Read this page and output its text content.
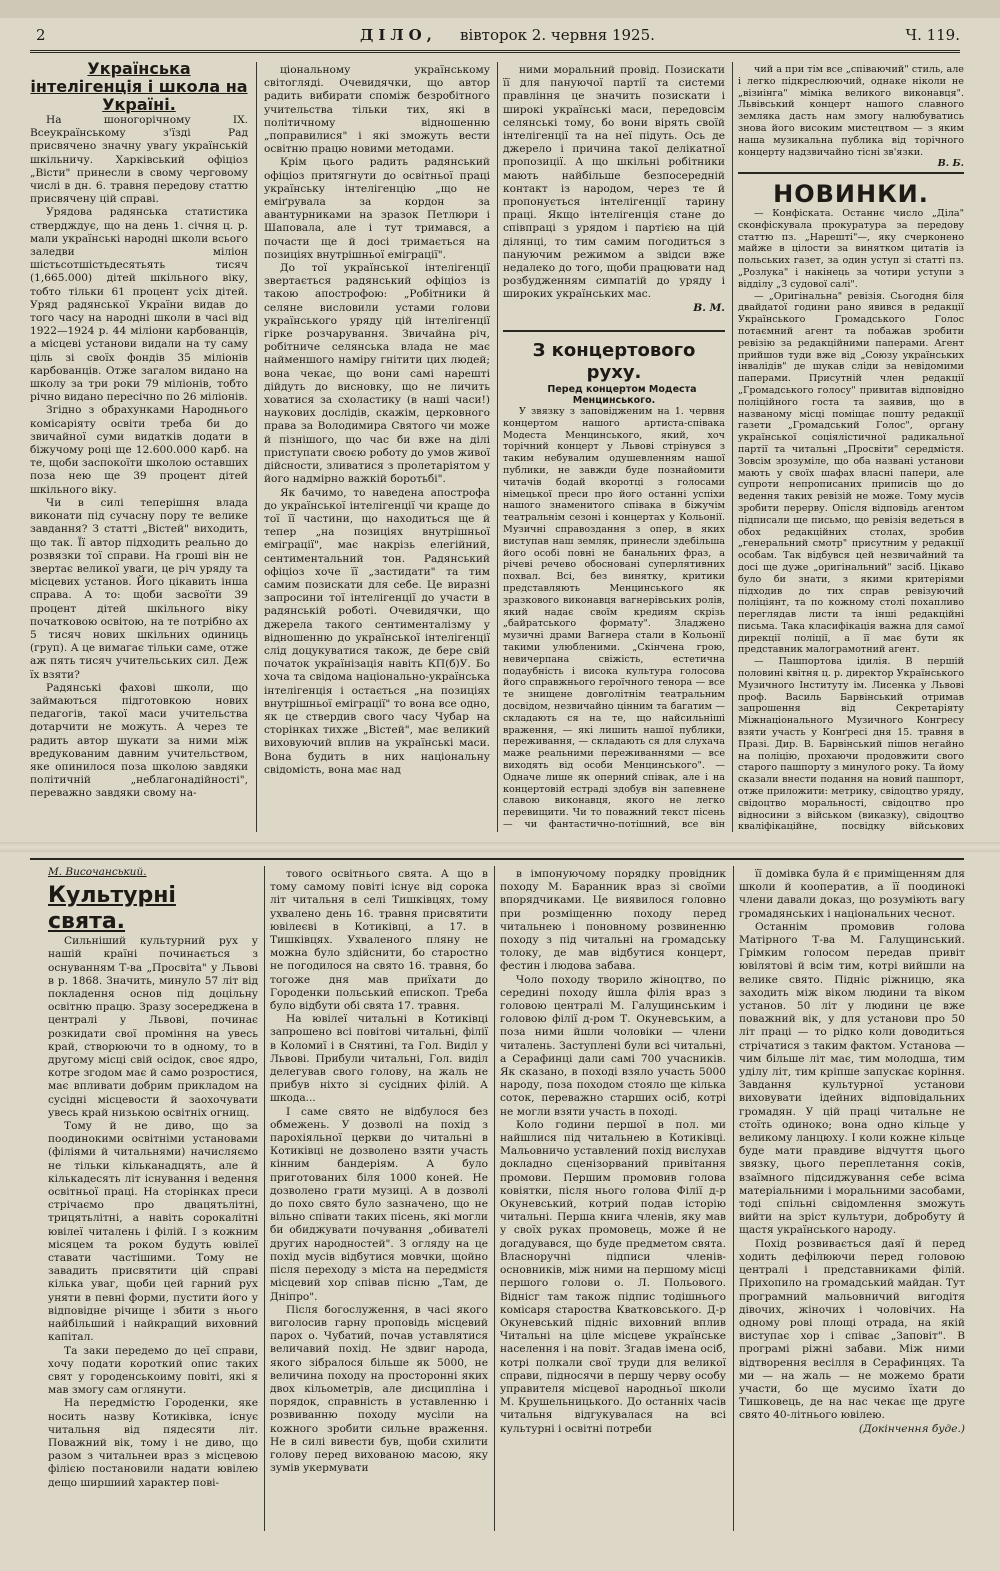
2	ДІЛО, вівторок 2. червня 1925.	Ч. 119.

Українська інтелігенція і школа на Україні.

На шоногорічному IX. Всеукраїнському з'їзді Рад присвячено значну увагу українській шкільничу. Харківський офіціоз „Вісти" принесли в свому черговому числі в дн. 6. травня передову статтю присвячену цій справі.

Урядова радянська статистика ствердждує, що на день 1. січня ц. р. мали українські народні школи всього заледви міліон шістьсотшістьдесятьять тисяч (1,665.000) дітей шкільного віку, тобто тільки 61 процент усіх дітей. Уряд радянської України видав до того часу на народні школи в часі від 1922—1924 р. 44 міліони карбованців, а місцеві установи видали на ту саму ціль зі своїх фондів 35 міліонів карбованців. Отже загалом видано на школу за три роки 79 міліонів, тобто річно видано пересічно по 26 міліонів.

Згідно з обрахунками Народнього комісаріяту освіти треба би до звичайної суми видатків додати в біжучому році ще 12.600.000 карб. на те, щоби заспокоїти школою оставших поза нею ще 39 процент дітей шкільного віку.

Чи в силі теперішня влада виконати під сучасну пору те велике завдання? З статті „Вістей" виходить, що так. Її автор підходить реально до розвязки тої справи. На гроші він не звертає великої уваги, це річ уряду та місцевих установ. Його цікавить інша справа. А то: щоби засвоїти 39 процент дітей шкільного віку початковою освітою, на те потрібно ах 5 тисяч нових шкільних одиниць (груп). А це вимагає тільки саме, отже аж пять тисяч учительських сил. Деж їх взяти?

Радянські фахові школи, що займаються підготовкою нових педагогів, такої маси учительства дотарчити не можуть. А через те радить автор шукати за ними між вредукованим давним учительством, яке опинилося поза школою завдяки політичній „неблагонадійності", переважно завдяки свому на-

ціональному українському світогляді. Очевидячки, що автор радить вибирати споміж безробітного учительства тільки тих, які в політичному відношенню „поправилися" і які зможуть вести освітню працю новими методами.

Крім цього радить радянський офіціоз притягнути до освітньої праці українську інтелігенцію „що не еміґрувала за кордон за авантурниками на зразок Петлюри і Шаповала, але і тут тримався, а почасти ще й досі тримається на позиціях внутрішньої еміграції".

До тої української інтелігенції звертається радянський офіціоз із такою апострофою: „Робітники й селяне висловили устами голови українського уряду цій інтелігенції гірке розчарування. Звичайна річ, робітниче селянська влада не має найменшого наміру гнітити цих людей; вона чекає, що вони самі нарешті дійдуть до висновку, що не личить ховатися за схоластику (в наші часи!) наукових дослідів, скажім, церковного права за Володимира Святого чи може й пізнішого, що час би вже на ділі приступати своєю роботу до умов живої дійсности, зливатися з пролетаріятом у його надмірно важкій боротьбі".

Як бачимо, то наведена апострофа до української інтелігенції чи краще до тої її частини, що находиться ще й тепер „на позиціях внутрішньої еміграції", має накрізь елегійний, сентиментальний тон. Радянський офіціоз хоче її „застидати" та тим самим позискати для себе. Це виразні запросини тої інтелігенції до участи в радянській роботі. Очевидячки, що джерела такого сентименталізму у відношенню до української інтелігенції слід доцукуватися також, де бере свій початок українізація навіть КП(б)У. Бо хоча та свідома національно-українська інтелігенція і остається „на позиціях внутрішньої еміграції" то вона все одно, як це ствердив свого часу Чубар на сторінках тихже „Вістей", має великий виховуючий вплив на українські маси. Вона будить в них національну свідомість, вона має над

ними моральний провід. Позискати її для пануючої партії та системи правління це значить позискати і широкі українські маси, передовсім селянські тому, бо вони вірять своїй інтелігенції та на неї підуть. Ось де джерело і причина такої делікатної пропозиції. А що шкільні робітники мають найбільше безпосередній контакт із народом, через те й пропонується інтелігенції тарину праці. Якщо інтелігенція стане до співпраці з урядом і партією на цій ділянці, то тим самим погодиться з пануючим режимом а звідси вже недалеко до того, щоби працювати над розбудженням симпатій до уряду і широких українських мас.

В. М.

З концертового руху.

Перед концертом Модеста Менцинського.

У звязку з заповідженим на 1. червня концертом нашого артиста-співака Модеста Менцинського, який, хоч торічний концерт у Львові стрінувся з таким небувалим одушевленням нашої публики, не завжди буде познайомити читачів бодай вкоротці з голосами німецької преси про його останні успіхи нашого знаменитого співака в біжучім театральнім сезоні і концертах у Кольонії. Музичні справоздання з опер, в яких виступав наш земляк, принесли здебільша його особі повні не банальних фраз, а річеві речево обосновані суперлятивних похвал. Всі, без винятку, критики представляють Менцинського як зразкового виконавця вагнерівських ролів, який надає своїм кредиям скрізь „байратського формату". Зладжено музичні драми Вагнера стали в Кольонії такими улюбленими. „Скінчена грою, невичерпана свіжість, естетична подаубність і висока культура голосова його справжнього героїчного тенора — все те знищене довголітнім театральним досвідом, незвичайно цінним та багатим — складають ся на те, що найсильніші враження, — які лишить нашої публики, переживання, — складають ся для слухача маже реальними переживаннями — все виходять від особи Менцинського". — Одначе лише як оперний співак, але і на концертовій естраді здобув він запевнене славою виконавця, якого не легко перевищити. Чи то поважний текст пісень — чи фантастично-потішний, все він

чий а при тім все „співаючий" стиль, але і легко підкреслюючий, однаке ніколи не „вiзиінга" міміка великого виконавця". Львівський концерт нашого славного земляка дасть нам змогу налюбуватись знова його високим мистецтвом — з яким наша музикальна публика від торічного концерту надзвичайно тісні зв'язки.

В. Б.

НОВИНКИ.

— Конфіската. Останнє число „Діла" сконфіскувала прокуратура за передову статтю пз. „Нарешті"—, яку счерконено майже в цілости за винятком цитатів із польських газет, за один уступ зі статті пз. „Розлука" і накінець за чотири уступи з відділу „З судової салі".

— „Оригінальна" ревізія. Сьогодня біля двайдатої години рано явився в редакції Українського Громадського Голос потаємний агент та побажав зробити ревізію за редакційними паперами. Агент прийшов туди вже від „Союзу українських інвалідів" де шукав сліди за невідомими паперами. Присутній член редакції „Громадського голосу" привитав відповідно поліційного госта та заявив, що в названому місці поміщає пошту редакції газети „Громадський Голос", органу української соціялістичної радикальної партії та читальні „Просвіти" середмістя. Зовсім зрозуміле, що оба названі установи мають у своїх шафах власні папери, але супроти непрописаних приписів що до ведення таких ревізій не може. Тому мусів зробити перерву. Опісля відповідь агентом підписали ще письмо, що ревізія ведеться в обох редакційних столах, зробив „генеральний смотр" присутним у редакції особам. Так відбувся цей незвичайний та досі ще дуже „оригінальний" засіб. Цікаво було би знати, з якими критеріями підходив до тих справ ревізуючий поліціянт, та по кожному столі похапливо переглядав листи та інші редакційні письма. Така класифікація важна для самої дирекції поліції, а її має бути як представник малограмотний агент.

— Пашпортова ідилія. В першій половині квітня ц. р. директор Українського Музичного Інституту ім. Лисенка у Львові проф. Василь Барвінський отримав запрошення від Секретаріяту Міжнаціонального Музичного Конгресу взяти участь у Конґресі дня 15. травня в Празі. Дир. В. Барвінський пішов негайно на поліцію, прохаючи продовжити свого старого пашпорту з минулого року. Та йому сказали внести подання на новий пашпорт, отже приложити: метрику, свідоцтво уряду, свідоцтво моральності, свідоцтво про відносини з військом (виказку), свідоцтво кваліфікаційне, посвідку військових

М. Височанський.

Культурні свята.

Сильніший культурний рух у нашій країні починається з оснуванням Т-ва „Просвіта" у Львові в р. 1868. Значить, минуло 57 літ від покладення основ під доцільну освітню працю. Зразу зосереджена в централі у Львові, починає розкидати свої проміння на увесь край, створюючи то в одному, то в другому місці свій осідок, своє ядро, котре згодом має й само розростися, має впливати добрим прикладом на сусідні місцевости й заохочувати увесь край низькою освітніх огнищ.

Тому й не диво, що за поодинокими освітніми установами (філіями й читальнями) начисляємо не тільки кільканадцять, але й кількадесять літ існування і ведення освітньої праці. На сторінках преси стрічаємо про двацятьлітні, трицятьлітні, а навіть сорокалітні ювілеї читалень і філій. І з кожним місяцем та роком будуть ювілеї ставати частішими. Тому не завадить присвятити цій справі кілька уваг, щоби цей гарний рух уняти в певні форми, пустити його у відповідне річище і збити з нього найбільший і найкращий виховний капітал.

Та заки передемо до цеї справи, хочу подати короткий опис таких свят у городенськоиму повіті, які я мав змогу сам оглянути.

На передмістю Городенки, яке носить назву Котиківка, існує читальня від пядесяти літ. Поважний вік, тому і не диво, що разом з читальнеи враз з місцевою філією постановили надати ювілею дещо ширшиий характер пові-

тового освітнього свята. А що в тому самому повіті існує від сорока літ читальня в селі Тишківцях, тому ухвалено день 16. травня присвятити ювілеєві в Котиківці, а 17. в Тишківцях. Ухваленого пляну не можна було здійснити, бо старостно не погодилося на свято 16. травня, бо тогоже дня мав приїхати до Городенки польський епископ. Треба було відбути обі свята 17. травня.

На ювілеї читальні в Котиківці запрошено всі повітові читальні, філії в Коломиї і в Снятині, та Гол. Виділ у Львові. Прибули читальні, Гол. виділ делегував свого голову, на жаль не прибув ніхто зі сусідних філій. А шкода...

І саме свято не відбулося без обмежень. У дозволі на похід з парохіяльної церкви до читальні в Котиківці не дозволено взяти участь кінним бандеріям. А було приготованих біля 1000 коней. Не дозволено грати музиці. А в дозволі до похо свято було зазначено, що не вільно співати таких пісень, які могли би обиджувати почування „обивателі других народностей". З огляду на це похід мусів відбутися мовчки, щойно після переходу з міста на передмістя місцевий хор співав пісню „Там, де Дніпро".

Після богослуження, в часі якого виголосив гарну проповідь місцевий парох о. Чубатий, почав уставлятися величавий похід. Не здвиг народа, якого зібралося більше як 5000, не величина походу на просторонні яких двох кільометрів, але дисципліна і порядок, справність в уставленню і розвиванню походу мусіли на кожного зробити сильне враження. Не в силі вивести був, щоби схилити голову перед вихованою масою, яку зумів укермувати

в імпонуючому порядку провідник походу М. Баранник враз зі своїми впорядчиками. Це виявилося головно при розміщенню походу перед читальнею і поновному розвиненню походу з під читальні на громадську толоку, де мав відбутися концерт, фестин і людова забава.

Чоло походу творило жіноцтво, по середині походу йшла філія враз з головою централі М. Галущинським і головою філії д-ром Т. Окуневським, а поза ними йшли чоловіки — члени читалень. Заступлені були всі читальні, а Серафинці дали самі 700 учасників. Як сказано, в поході взяло участь 5000 народу, поза походом стояло ще кілька соток, переважно старших осіб, котрі не могли взяти участь в поході.

Коло години першої в пол. ми найшлися під читальнею в Котиківці. Мальовничо уставлений похід вислухав докладно сценізорваний привітання промови. Першим промовив голова ковіятки, після нього голова Філії д-р Окуневський, котрий подав історію читальні. Перша книга членів, яку мав у своїх руках промовець, може й не догадувався, що буде предметом свята. Власноручні підписи членів-основників, між ними на першому місці першого голови о. Л. Польового. Віднісг там також підпис тодішнього комісаря староства Кватковського. Д-р Окуневський підніс виховний вплив Читальні на ціле місцеве українське населення і на повіт. Згадав імена осіб, котрі полкали свої труди для великої справи, підносячи в першу черву особу управителя місцевої народньої школи М. Крушельницького. До останніх часів читальня відгукувалася на всі культурні і освітні потреби

її домівка була й є приміщенням для школи й кооператив, а її поодинокі члени давали доказ, що розуміють вагу громадянських і національних чеснот.

Останнім промовив голова Матірного Т-ва М. Галущинський. Грімким голосом передав привіт ювілятові й всім тим, котрі вийшли на велике свято. Підніс ріжницю, яка заходить між віком людини та віком установ. 50 літ у людини це вже поважний вік, у для установи про 50 літ праці — то рідко коли доводиться стрічатися з таким фактом. Установа — чим більше літ має, тим молодша, тим уділу літ, тим кріпше запускає коріння. Завдання культурної установи виховувати ідейних відповідальних громадян. У цій праці читальне не стоїть одиноко; вона одно кільце у великому ланцюху. І коли кожне кільце буде мати правдиве відчуття цього звязку, цього переплетання соків, взаїмного підсиджування себе всіма матеріальними і моральними засобами, тоді спільні свідомлення зможуть вийти на зріст культури, добробуту й щастя українського народу.

Похід розвивається даяї й перед ходить дефілюючи перед головою централі і представниками філій. Прихопило на громадський майдан. Тут програмний мальовничий вигодітя дівочих, жіночих і чоловічих. На одному рові площі отрада, на якій виступає хор і співає „Заповіт". В програмі ріжні забави. Між ними відтворення весілля в Серафинцях. Та ми — на жаль — не можемо брати участи, бо ще мусимо їхати до Тишковець, де на нас чекає ще друге свято 40-літнього ювілею.

(Докінчення буде.)
